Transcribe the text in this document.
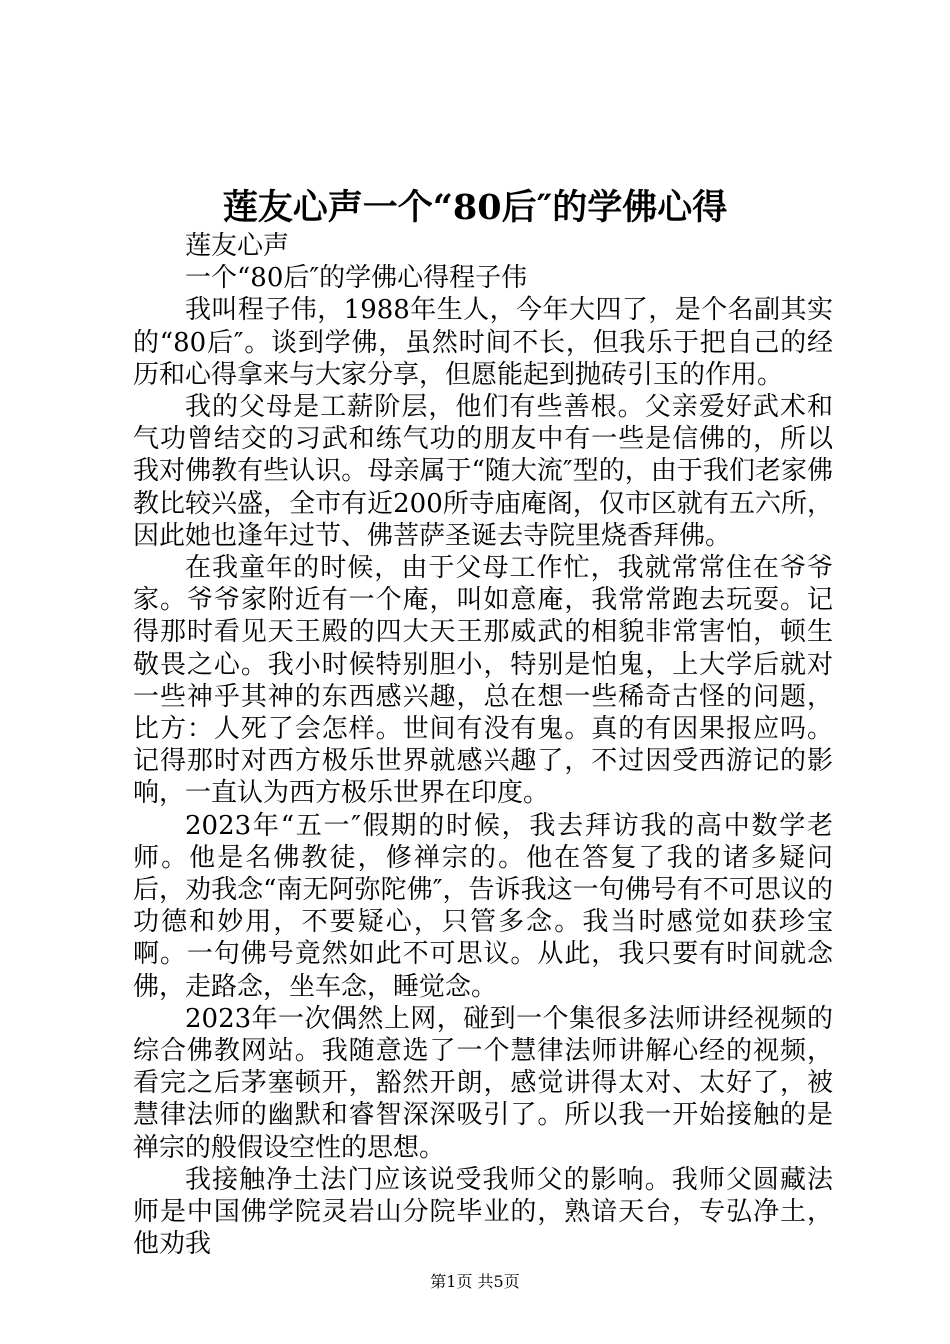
莲友心声一个“80后″的学佛心得

莲友心声

一个“80后″的学佛心得程子伟

我叫程子伟，1988年生人，今年大四了，是个名副其实的“80后″。谈到学佛，虽然时间不长，但我乐于把自己的经历和心得拿来与大家分享，但愿能起到抛砖引玉的作用。

我的父母是工薪阶层，他们有些善根。父亲爱好武术和气功曾结交的习武和练气功的朋友中有一些是信佛的，所以我对佛教有些认识。母亲属于“随大流″型的，由于我们老家佛教比较兴盛，全市有近200所寺庙庵阁，仅市区就有五六所，因此她也逢年过节、佛菩萨圣诞去寺院里烧香拜佛。

在我童年的时候，由于父母工作忙，我就常常住在爷爷家。爷爷家附近有一个庵，叫如意庵，我常常跑去玩耍。记得那时看见天王殿的四大天王那威武的相貌非常害怕，顿生敬畏之心。我小时候特别胆小，特别是怕鬼，上大学后就对一些神乎其神的东西感兴趣，总在想一些稀奇古怪的问题，比方：人死了会怎样。世间有没有鬼。真的有因果报应吗。记得那时对西方极乐世界就感兴趣了，不过因受西游记的影响，一直认为西方极乐世界在印度。

2023年“五一″假期的时候，我去拜访我的高中数学老师。他是名佛教徒，修禅宗的。他在答复了我的诸多疑问后，劝我念“南无阿弥陀佛″，告诉我这一句佛号有不可思议的功德和妙用，不要疑心，只管多念。我当时感觉如获珍宝啊。一句佛号竟然如此不可思议。从此，我只要有时间就念佛，走路念，坐车念，睡觉念。

2023年一次偶然上网，碰到一个集很多法师讲经视频的综合佛教网站。我随意选了一个慧律法师讲解心经的视频，看完之后茅塞顿开，豁然开朗，感觉讲得太对、太好了，被慧律法师的幽默和睿智深深吸引了。所以我一开始接触的是禅宗的般假设空性的思想。

我接触净土法门应该说受我师父的影响。我师父圆藏法师是中国佛学院灵岩山分院毕业的，熟谙天台，专弘净土，他劝我

第1页 共5页
